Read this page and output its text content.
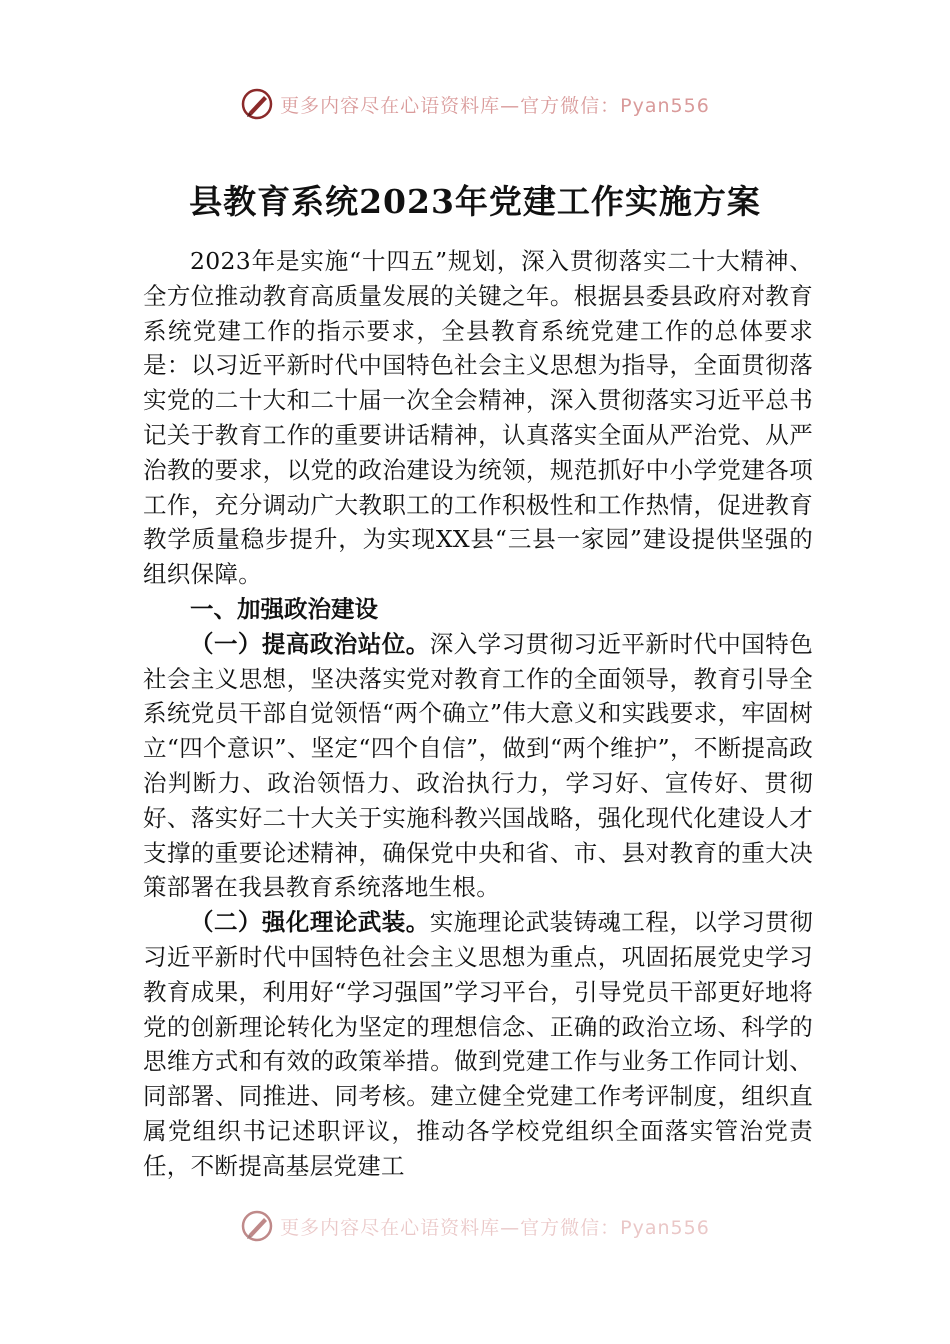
更多内容尽在心语资料库—官方微信：Pyan556
县教育系统2023年党建工作实施方案

2023年是实施“十四五”规划，深入贯彻落实二十大精神、全方位推动教育高质量发展的关键之年。根据县委县政府对教育系统党建工作的指示要求，全县教育系统党建工作的总体要求是：以习近平新时代中国特色社会主义思想为指导，全面贯彻落实党的二十大和二十届一次全会精神，深入贯彻落实习近平总书记关于教育工作的重要讲话精神，认真落实全面从严治党、从严治教的要求，以党的政治建设为统领，规范抓好中小学党建各项工作，充分调动广大教职工的工作积极性和工作热情，促进教育教学质量稳步提升，为实现XX县“三县一家园”建设提供坚强的组织保障。

一、加强政治建设

（一）提高政治站位。深入学习贯彻习近平新时代中国特色社会主义思想，坚决落实党对教育工作的全面领导，教育引导全系统党员干部自觉领悟“两个确立”伟大意义和实践要求，牢固树立“四个意识”、坚定“四个自信”，做到“两个维护”，不断提高政治判断力、政治领悟力、政治执行力，学习好、宣传好、贯彻好、落实好二十大关于实施科教兴国战略，强化现代化建设人才支撑的重要论述精神，确保党中央和省、市、县对教育的重大决策部署在我县教育系统落地生根。

（二）强化理论武装。实施理论武装铸魂工程，以学习贯彻习近平新时代中国特色社会主义思想为重点，巩固拓展党史学习教育成果，利用好“学习强国”学习平台，引导党员干部更好地将党的创新理论转化为坚定的理想信念、正确的政治立场、科学的思维方式和有效的政策举措。做到党建工作与业务工作同计划、同部署、同推进、同考核。建立健全党建工作考评制度，组织直属党组织书记述职评议，推动各学校党组织全面落实管治党责任，不断提高基层党建工

更多内容尽在心语资料库—官方微信：Pyan556
